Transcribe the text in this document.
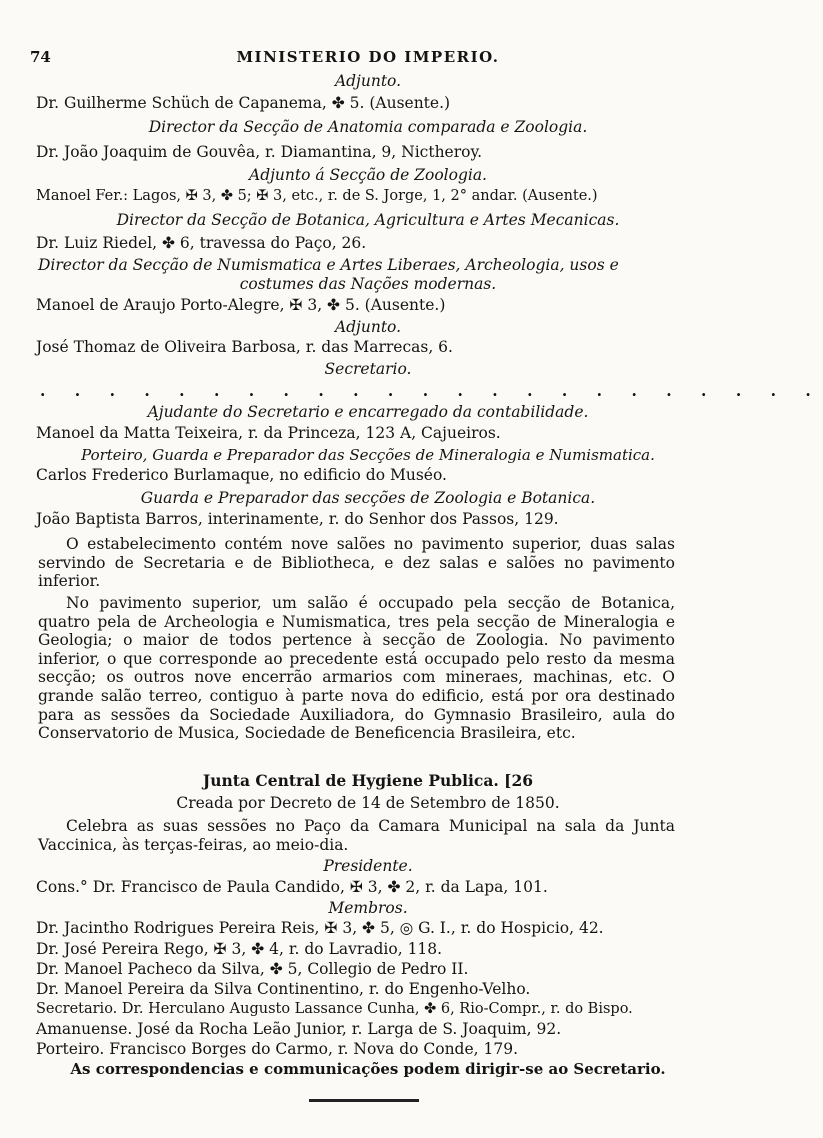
74	MINISTERIO DO IMPERIO.
Adjunto.
Dr. Guilherme Schüch de Capanema, ✤ 5. (Ausente.)
Director da Secção de Anatomia comparada e Zoologia.
Dr. João Joaquim de Gouvêa, r. Diamantina, 9, Nictheroy.
Adjunto á Secção de Zoologia.
Manoel Fer.: Lagos, ✠ 3, ✤ 5; ✠ 3, etc., r. de S. Jorge, 1, 2° andar. (Ausente.)
Director da Secção de Botanica, Agricultura e Artes Mecanicas.
Dr. Luiz Riedel, ✤ 6, travessa do Paço, 26.
Director da Secção de Numismatica e Artes Liberaes, Archeologia, usos e
costumes das Nações modernas.
Manoel de Araujo Porto-Alegre, ✠ 3, ✤ 5. (Ausente.)
Adjunto.
José Thomaz de Oliveira Barbosa, r. das Marrecas, 6.
Secretario.
. . . . . . . . . . . . . . . . . . . . . . .
Ajudante do Secretario e encarregado da contabilidade.
Manoel da Matta Teixeira, r. da Princeza, 123 A, Cajueiros.
Porteiro, Guarda e Preparador das Secções de Mineralogia e Numismatica.
Carlos Frederico Burlamaque, no edificio do Muséo.
Guarda e Preparador das secções de Zoologia e Botanica.
João Baptista Barros, interinamente, r. do Senhor dos Passos, 129.
O estabelecimento contém nove salões no pavimento superior, duas salas servindo de Secretaria e de Bibliotheca, e dez salas e salões no pavimento inferior.
No pavimento superior, um salão é occupado pela secção de Botanica, quatro pela de Archeologia e Numismatica, tres pela secção de Mineralogia e Geologia; o maior de todos pertence à secção de Zoologia. No pavimento inferior, o que corresponde ao precedente está occupado pelo resto da mesma secção; os outros nove encerrão armarios com mineraes, machinas, etc. O grande salão terreo, contiguo à parte nova do edificio, está por ora destinado para as sessões da Sociedade Auxiliadora, do Gymnasio Brasileiro, aula do Conservatorio de Musica, Sociedade de Beneficencia Brasileira, etc.
Junta Central de Hygiene Publica. [26
Creada por Decreto de 14 de Setembro de 1850.
Celebra as suas sessões no Paço da Camara Municipal na sala da Junta Vaccinica, às terças-feiras, ao meio-dia.
Presidente.
Cons.° Dr. Francisco de Paula Candido, ✠ 3, ✤ 2, r. da Lapa, 101.
Membros.
Dr. Jacintho Rodrigues Pereira Reis, ✠ 3, ✤ 5, ◎ G. I., r. do Hospicio, 42.
Dr. José Pereira Rego, ✠ 3, ✤ 4, r. do Lavradio, 118.
Dr. Manoel Pacheco da Silva, ✤ 5, Collegio de Pedro II.
Dr. Manoel Pereira da Silva Continentino, r. do Engenho-Velho.
Secretario. Dr. Herculano Augusto Lassance Cunha, ✤ 6, Rio-Compr., r. do Bispo.
Amanuense. José da Rocha Leão Junior, r. Larga de S. Joaquim, 92.
Porteiro. Francisco Borges do Carmo, r. Nova do Conde, 179.
As correspondencias e communicações podem dirigir-se ao Secretario.
